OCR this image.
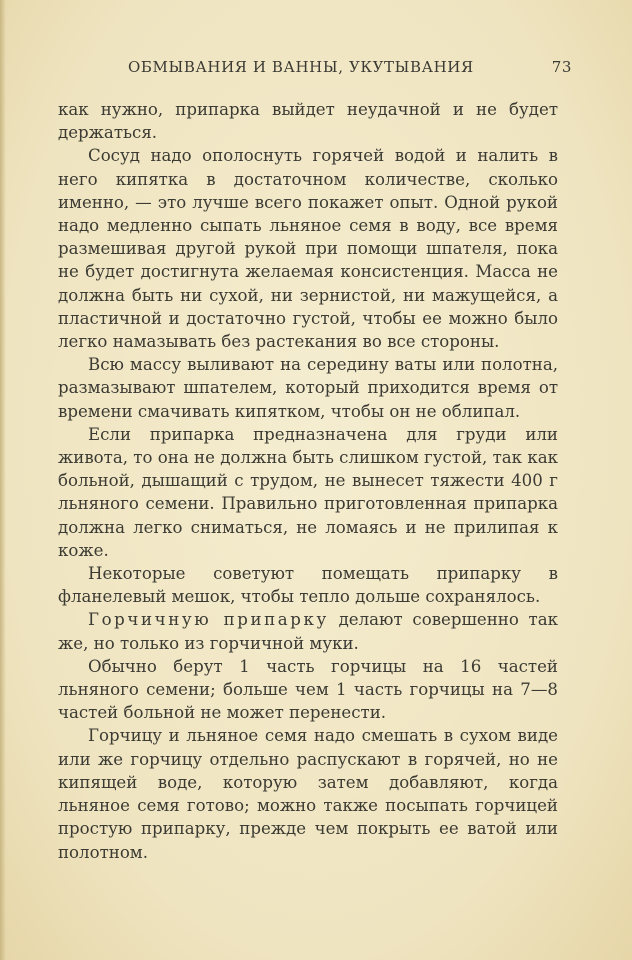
ОБМЫВАНИЯ И ВАННЫ, УКУТЫВАНИЯ	73

как нужно, припарка выйдет неудачной и не будет держаться.

Сосуд надо ополоснуть горячей водой и налить в него кипятка в достаточном количестве, сколько именно, — это лучше всего покажет опыт. Одной рукой надо медленно сыпать льняное семя в воду, все время размешивая другой рукой при помощи шпателя, пока не будет достигнута желаемая консистенция. Масса не должна быть ни сухой, ни зернистой, ни мажущейся, а пластичной и достаточно густой, чтобы ее можно было легко намазывать без растекания во все стороны.

Всю массу выливают на середину ваты или полотна, размазывают шпателем, который приходится время от времени смачивать кипятком, чтобы он не облипал.

Если припарка предназначена для груди или живота, то она не должна быть слишком густой, так как больной, дышащий с трудом, не вынесет тяжести 400 г льняного семени. Правильно приготовленная припарка должна легко сниматься, не ломаясь и не прилипая к коже.

Некоторые советуют помещать припарку в фланелевый мешок, чтобы тепло дольше сохранялось.

Горчичную припарку делают совершенно так же, но только из горчичной муки.

Обычно берут 1 часть горчицы на 16 частей льняного семени; больше чем 1 часть горчицы на 7—8 частей больной не может перенести.

Горчицу и льняное семя надо смешать в сухом виде или же горчицу отдельно распускают в горячей, но не кипящей воде, которую затем добавляют, когда льняное семя готово; можно также посыпать горчицей простую припарку, прежде чем покрыть ее ватой или полотном.
